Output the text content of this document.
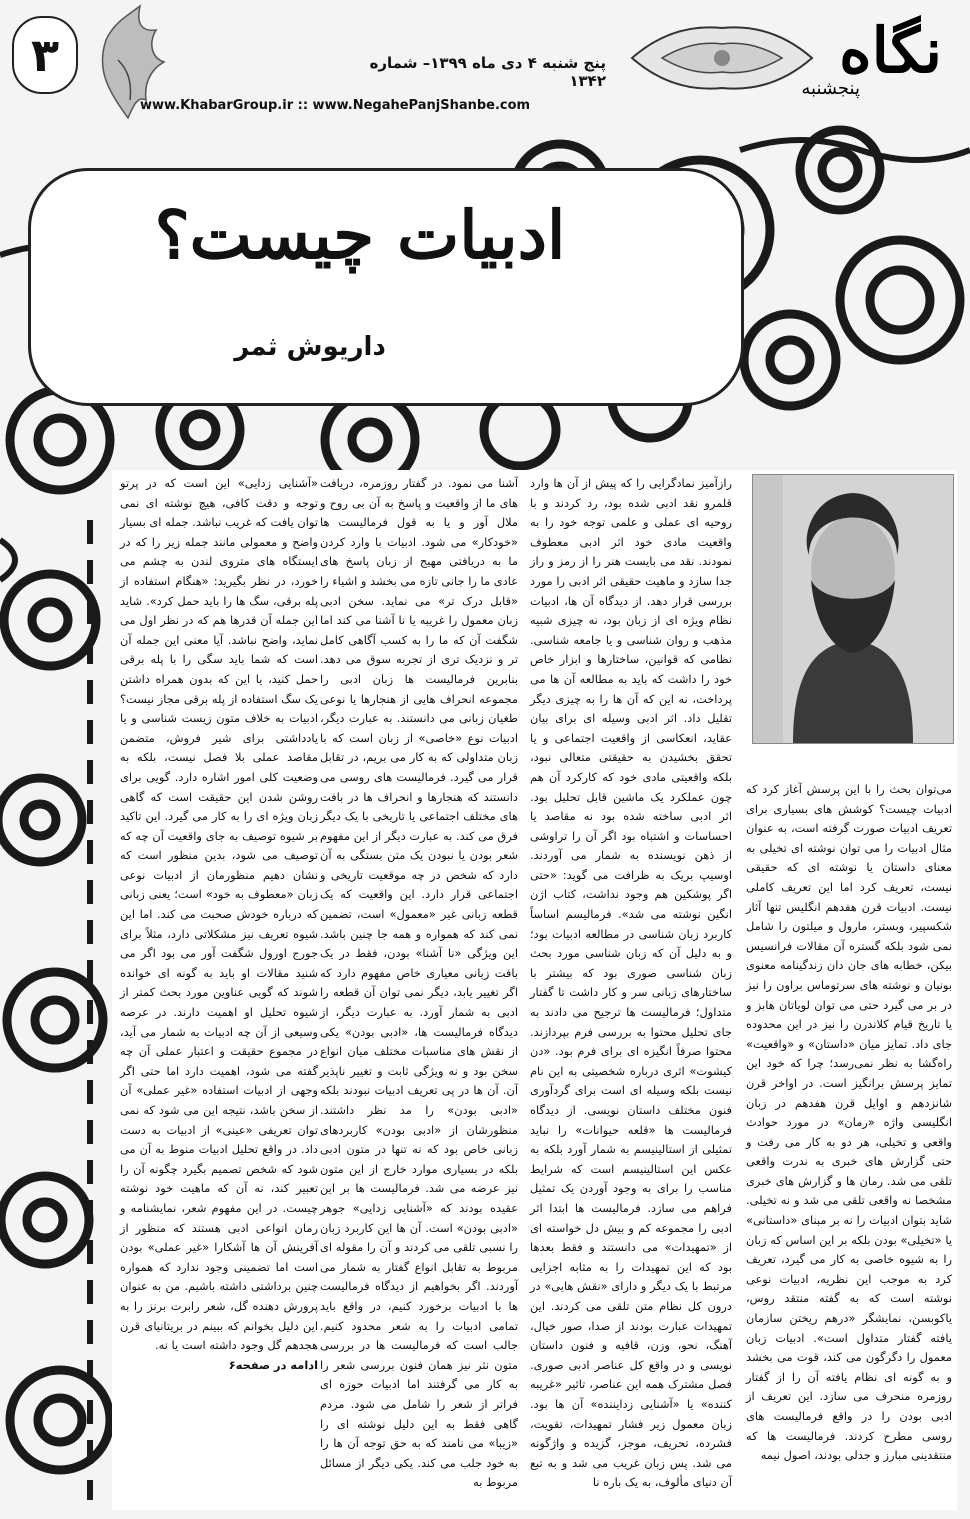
۳	پنج شنبه ۴ دی ماه ۱۳۹۹– شماره ۱۳۴۲
www.KhabarGroup.ir :: www.NegahePanjShanbe.com
نگاه
پنجشنبه
ادبیات چیست؟
داریوش ثمر

می‌توان بحث را با این پرسش آغاز کرد که ادبیات چیست؟ کوشش های بسیاری برای تعریف ادبیات صورت گرفته است، به عنوان مثال ادبیات را می توان نوشته ای تخیلی به معنای داستان یا نوشته ای که حقیقی نیست، تعریف کرد اما این تعریف کاملی نیست. ادبیات قرن هفدهم انگلیس تنها آثار شکسپیر، وبستر، مارول و میلتون را شامل نمی شود بلکه گستره آن مقالات فرانسیس بیکن، خطابه های جان دان زندگینامه معنوی بونیان و نوشته های سرتوماس براون را نیز در بر می گیرد حتی می توان لویاتان هابز و یا تاریخ قیام کلاندرن را نیز در این محدوده جای داد. تمایز میان «داستان» و «واقعیت» راه‌گشا به نظر نمی‌رسد؛ چرا که خود این تمایز پرسش برانگیز است. در اواخر قرن شانزدهم و اوایل قرن هفدهم در زبان انگلیسی واژه «رمان» در مورد حوادث واقعی و تخیلی، هر دو به کار می رفت و حتی گزارش های خبری به ندرت واقعی تلقی می شد. رمان ها و گزارش های خبری مشخصا نه واقعی تلقی می شد و نه تخیلی. شاید بتوان ادبیات را نه بر مبنای «داستانی» یا «تخیلی» بودن بلکه بر این اساس که زبان را به شیوه خاصی به کار می گیرد، تعریف کرد به موجب این نظریه، ادبیات نوعی نوشته است که به گفته منتقد روس، یاکوبسن، نمایشگر «درهم ریختن سازمان یافته گفتار متداول است». ادبیات زبان معمول را دگرگون می کند، قوت می بخشد و به گونه ای نظام یافته آن را از گفتار روزمره منحرف می سازد. این تعریف از ادبی بودن را در واقع فرمالیست های روسی مطرح کردند. فرمالیست ها که منتقدینی مبارز و جدلی بودند، اصول نیمه

رازآمیز نمادگرایی را که پیش از آن ها وارد قلمرو نقد ادبی شده بود، رد کردند و با روحیه ای عملی و علمی توجه خود را به واقعیت مادی خود اثر ادبی معطوف نمودند. نقد می بایست هنر را از رمز و راز جدا سازد و ماهیت حقیقی اثر ادبی را مورد بررسی قرار دهد. از دیدگاه آن ها، ادبیات نظام ویژه ای از زبان بود، نه چیزی شبیه مذهب و روان شناسی و یا جامعه شناسی. نظامی که قوانین، ساختارها و ابزار خاص خود را داشت که باید به مطالعه آن ها می پرداخت، نه این که آن ها را به چیزی دیگر تقلیل داد. اثر ادبی وسیله ای برای بیان عقاید، انعکاسی از واقعیت اجتماعی و یا تحقق بخشیدن به حقیقتی متعالی نبود، بلکه واقعیتی مادی خود که کارکرد آن هم چون عملکرد یک ماشین قابل تحلیل بود. اثر ادبی ساخته شده بود نه مقاصد یا احساسات و اشتباه بود اگر آن را تراوشی از ذهن نویسنده به شمار می آوردند. اوسیپ بریک به ظرافت می گوید: «حتی اگر پوشکین هم وجود نداشت، کتاب اژن انگین نوشته می شد». فرمالیسم اساساً کاربرد زبان شناسی در مطالعه ادبیات بود؛ و به دلیل آن که زبان شناسی مورد بحث زبان شناسی صوری بود که بیشتر با ساختارهای زبانی سر و کار داشت تا گفتار متداول؛ فرمالیست ها ترجیح می دادند به جای تحلیل محتوا به بررسی فرم بپردازند. محتوا صرفاً انگیزه ای برای فرم بود. «دن کیشوت» اثری درباره شخصیتی به این نام نیست بلکه وسیله ای است برای گردآوری فنون مختلف داستان نویسی. از دیدگاه فرمالیست ها «قلعه حیوانات» را نباید تمثیلی از استالینیسم به شمار آورد بلکه به عکس این استالینیسم است که شرایط مناسب را برای به وجود آوردن یک تمثیل فراهم می سازد. فرمالیست ها ابتدا اثر ادبی را مجموعه کم و بیش دل خواسته ای از «تمهیدات» می دانستند و فقط بعدها بود که این تمهیدات را به مثابه اجزایی مرتبط با یک دیگر و دارای «نقش هایی» در درون کل نظام متن تلقی می کردند. این تمهیدات عبارت بودند از صدا، صور خیال، آهنگ، نحو، وزن، قافیه و فنون داستان نویسی و در واقع کل عناصر ادبی صوری. فصل مشترک همه این عناصر، تاثیر «غریبه کننده» یا «آشنایی زدایننده» آن ها بود. زبان معمول زیر فشار تمهیدات، تقویت، فشرده، تحریف، موجز، گزیده و واژگونه می شد. پس زبان غریب می شد و به تبع آن دنیای مألوف، به یک باره نا

آشنا می نمود. در گفتار روزمره، دریافت های ما از واقعیت و پاسخ به آن بی روح و ملال آور و یا به قول فرمالیست ها «خودکار» می شود. ادبیات با وارد کردن ما به دریافتی مهیج از زبان پاسخ های عادی ما را جانی تازه می بخشد و اشیاء را «قابل درک تر» می نماید. سخن ادبی زبان معمول را غریبه یا نا آشنا می کند اما شگفت آن که ما را به کسب آگاهی کامل تر و نزدیک تری از تجربه سوق می دهد. بنابرین فرمالیست ها زبان ادبی را مجموعه انحراف هایی از هنجارها یا نوعی طغیان زبانی می دانستند. به عبارت دیگر، ادبیات نوع «خاصی» از زبان است که با زبان متداولی که به کار می بریم، در تقابل قرار می گیرد. فرمالیست های روسی می دانستند که هنجارها و انحراف ها در بافت های مختلف اجتماعی یا تاریخی با یک دیگر فرق می کند. به عبارت دیگر از این مفهوم شعر بودن یا نبودن یک متن بستگی به آن دارد که شخص در چه موقعیت تاریخی و اجتماعی قرار دارد. این واقعیت که یک قطعه زبانی غیر «معمول» است، تضمین نمی کند که همواره و همه جا چنین باشد. این ویژگی «نا آشنا» بودن، فقط در یک بافت زبانی معیاری خاص مفهوم دارد که اگر تغییر یابد، دیگر نمی توان آن قطعه را ادبی به شمار آورد. به عبارت دیگر، از دیدگاه فرمالیست ها، «ادبی بودن» یکی از نقش های مناسبات مختلف میان انواع سخن بود و نه ویژگی ثابت و تغییر ناپذیر آن. آن ها در پی تعریف ادبیات نبودند بلکه «ادبی بودن» را مد نظر داشتند. منظورشان از «ادبی بودن» کاربردهای زبانی خاص بود که نه تنها در متون ادبی بلکه در بسیاری موارد خارج از این متون نیز عرضه می شد. فرمالیست ها بر این عقیده بودند که «آشنایی زدایی» جوهر «ادبی بودن» است. آن ها این کاربرد زبان را نسبی تلقی می کردند و آن را مقوله ای مربوط به تقابل انواع گفتار به شمار می آوردند. اگر بخواهیم از دیدگاه فرمالیست ها با ادبیات برخورد کنیم، در واقع باید تمامی ادبیات را به شعر محدود کنیم. جالب است که فرمالیست ها در بررسی متون نثر نیز همان فنون بررسی شعر را به کار می گرفتند اما ادبیات حوزه ای فراتر از شعر را شامل می شود. مردم گاهی فقط به این دلیل نوشته ای را «زیبا» می نامند که به حق توجه آن ها را به خود جلب می کند. یکی دیگر از مسائل مربوط به

«آشنایی زدایی» این است که در پرتو توجه و دقت کافی، هیچ نوشته ای نمی توان یافت که غریب نباشد. جمله ای بسیار واضح و معمولی مانند جمله زیر را که در ایستگاه های متروی لندن به چشم می خورد، در نظر بگیرید: «هنگام استفاده از پله برقی، سگ ها را باید حمل کرد». شاید این جمله آن قدرها هم که در نظر اول می نماید، واضح نباشد. آیا معنی این جمله آن است که شما باید سگی را با پله برقی حمل کنید، یا این که بدون همراه داشتن یک سگ استفاده از پله برقی مجاز نیست؟ ادبیات به خلاف متون زیست شناسی و یا یادداشتی برای شیر فروش، متضمن مقاصد عملی بلا فصل نیست، بلکه به وضعیت کلی امور اشاره دارد. گویی برای روشن شدن این حقیقت است که گاهی زبان ویژه ای را به کار می گیرد. این تاکید بر شیوه توصیف به جای واقعیت آن چه که توصیف می شود، بدین منظور است که نشان دهیم منظورمان از ادبیات نوعی زبان «معطوف به خود» است؛ یعنی زبانی که درباره خودش صحبت می کند. اما این شیوه تعریف نیز مشکلاتی دارد، مثلاً برای جورج اورول شگفت آور می بود اگر می شنید مقالات او باید به گونه ای خوانده شوند که گویی عناوین مورد بحث کمتر از شیوه تحلیل او اهمیت دارند. در عرصه وسیعی از آن چه ادبیات به شمار می آید، در مجموع حقیقت و اعتبار عملی آن چه گفته می شود، اهمیت دارد اما حتی اگر وجهی از ادبیات استفاده «غیر عملی» آن از سخن باشد، نتیجه این می شود که نمی توان تعریفی «عینی» از ادبیات به دست داد. در واقع تحلیل ادبیات منوط به آن می شود که شخص تصمیم بگیرد چگونه آن را تعبیر کند، نه آن که ماهیت خود نوشته چیست. در این مفهوم شعر، نمایشنامه و رمان انواعی ادبی هستند که منظور از آفرینش آن ها آشکارا «غیر عملی» بودن است اما تضمینی وجود ندارد که همواره چنین برداشتی داشته باشیم. من به عنوان پرورش دهنده گل، شعر رابرت برنز را به این دلیل بخوانم که ببینم در بریتانیای قرن هجدهم گل وجود داشته است یا نه.

ادامه در صفحه۶
